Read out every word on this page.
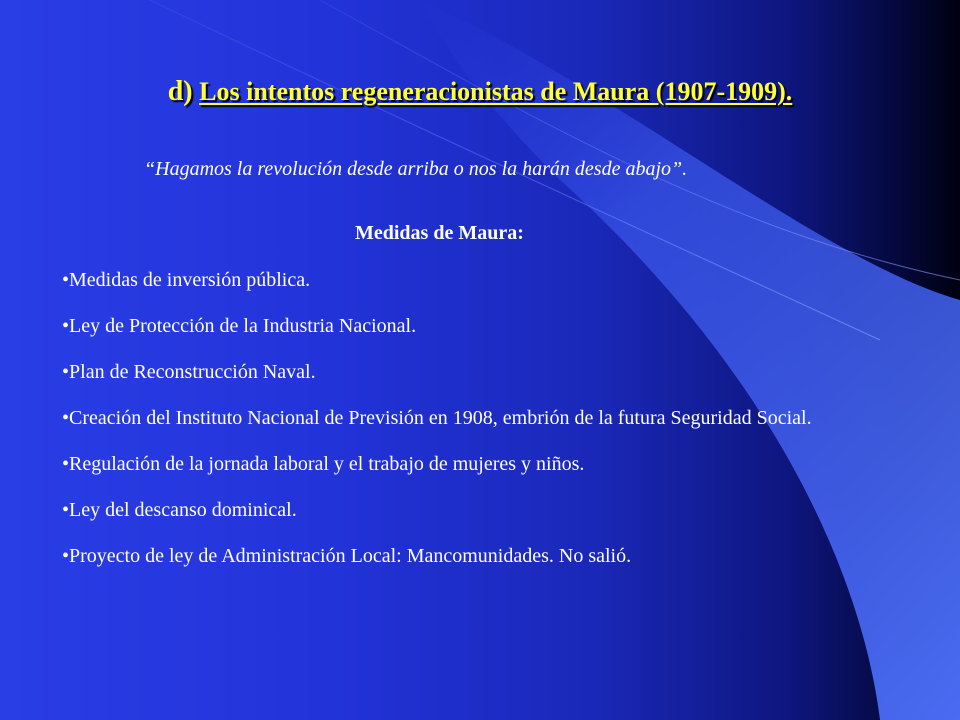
d) Los intentos regeneracionistas de Maura (1907-1909).
“Hagamos la revolución desde arriba o nos la harán desde abajo”.
Medidas de Maura:
•Medidas de inversión pública.
•Ley de Protección de la Industria Nacional.
•Plan de Reconstrucción Naval.
•Creación del Instituto Nacional de Previsión en 1908, embrión de la futura Seguridad Social.
•Regulación de la jornada laboral y el trabajo de mujeres y niños.
•Ley del descanso dominical.
•Proyecto de ley de Administración Local: Mancomunidades. No salió.
